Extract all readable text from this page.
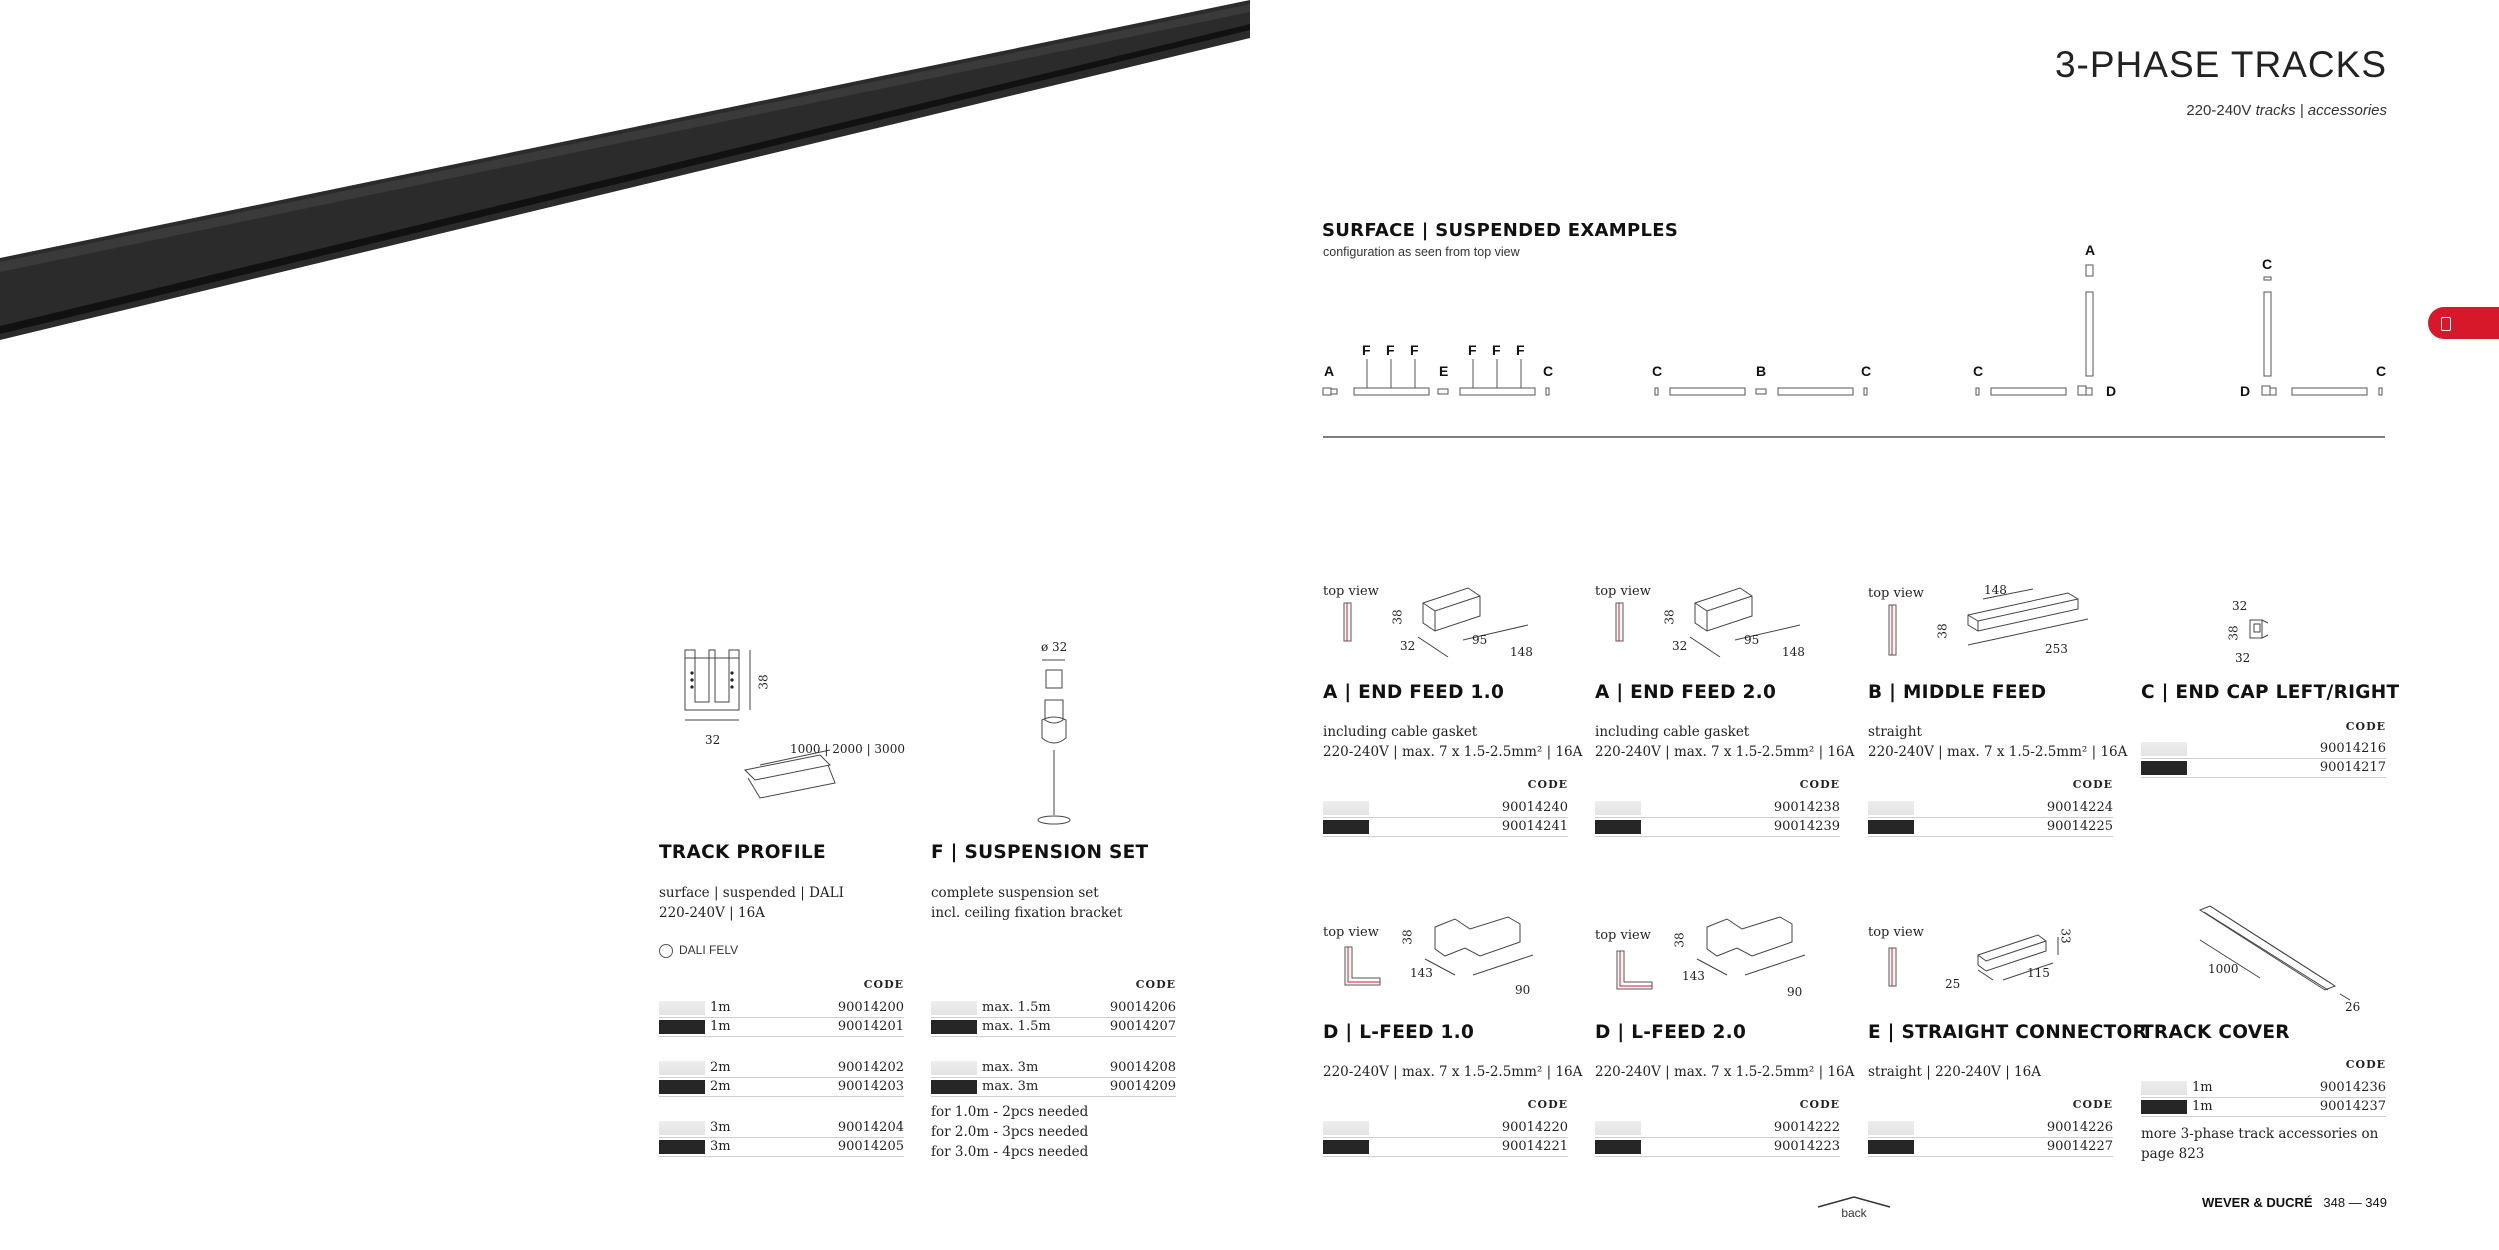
3-PHASE TRACKS
220-240V tracks | accessories
SURFACE | SUSPENDED EXAMPLES
configuration as seen from top view
A
F F F
E
F F F
C	C	B	C
A
C
D
C
D
C
32
38
1000 | 2000 | 3000
TRACK PROFILE
surface | suspended | DALI
220-240V | 16A
DALI FELV
CODE
1m	90014200
1m	90014201
2m	90014202
2m	90014203
3m	90014204
3m	90014205
ø 32
F | SUSPENSION SET
complete suspension set
incl. ceiling fixation bracket
CODE
max. 1.5m	90014206
max. 1.5m	90014207
max. 3m	90014208
max. 3m	90014209
for 1.0m - 2pcs needed
for 2.0m - 3pcs needed
for 3.0m - 4pcs needed
top view
38
32	95
148
A | END FEED 1.0
including cable gasket
220-240V | max. 7 x 1.5-2.5mm² | 16A
CODE
90014240
90014241
top view
38
32	95
148
A | END FEED 2.0
including cable gasket
220-240V | max. 7 x 1.5-2.5mm² | 16A
CODE
90014238
90014239
top view	148
38
253
B | MIDDLE FEED
straight
220-240V | max. 7 x 1.5-2.5mm² | 16A
CODE
90014224
90014225
32
38
32
C | END CAP LEFT/RIGHT
CODE
90014216
90014217
top view 38
143
90
D | L-FEED 1.0
220-240V | max. 7 x 1.5-2.5mm² | 16A
CODE
90014220
90014221
top view 38
143
90
D | L-FEED 2.0
220-240V | max. 7 x 1.5-2.5mm² | 16A
CODE
90014222
90014223
top view	33
25
115
E | STRAIGHT CONNECTOR
straight | 220-240V | 16A
CODE
90014226
90014227
1000
26
TRACK COVER
CODE
1m	90014236
1m	90014237
more 3-phase track accessories on
page 823
back
WEVER & DUCRÉ 348 — 349
